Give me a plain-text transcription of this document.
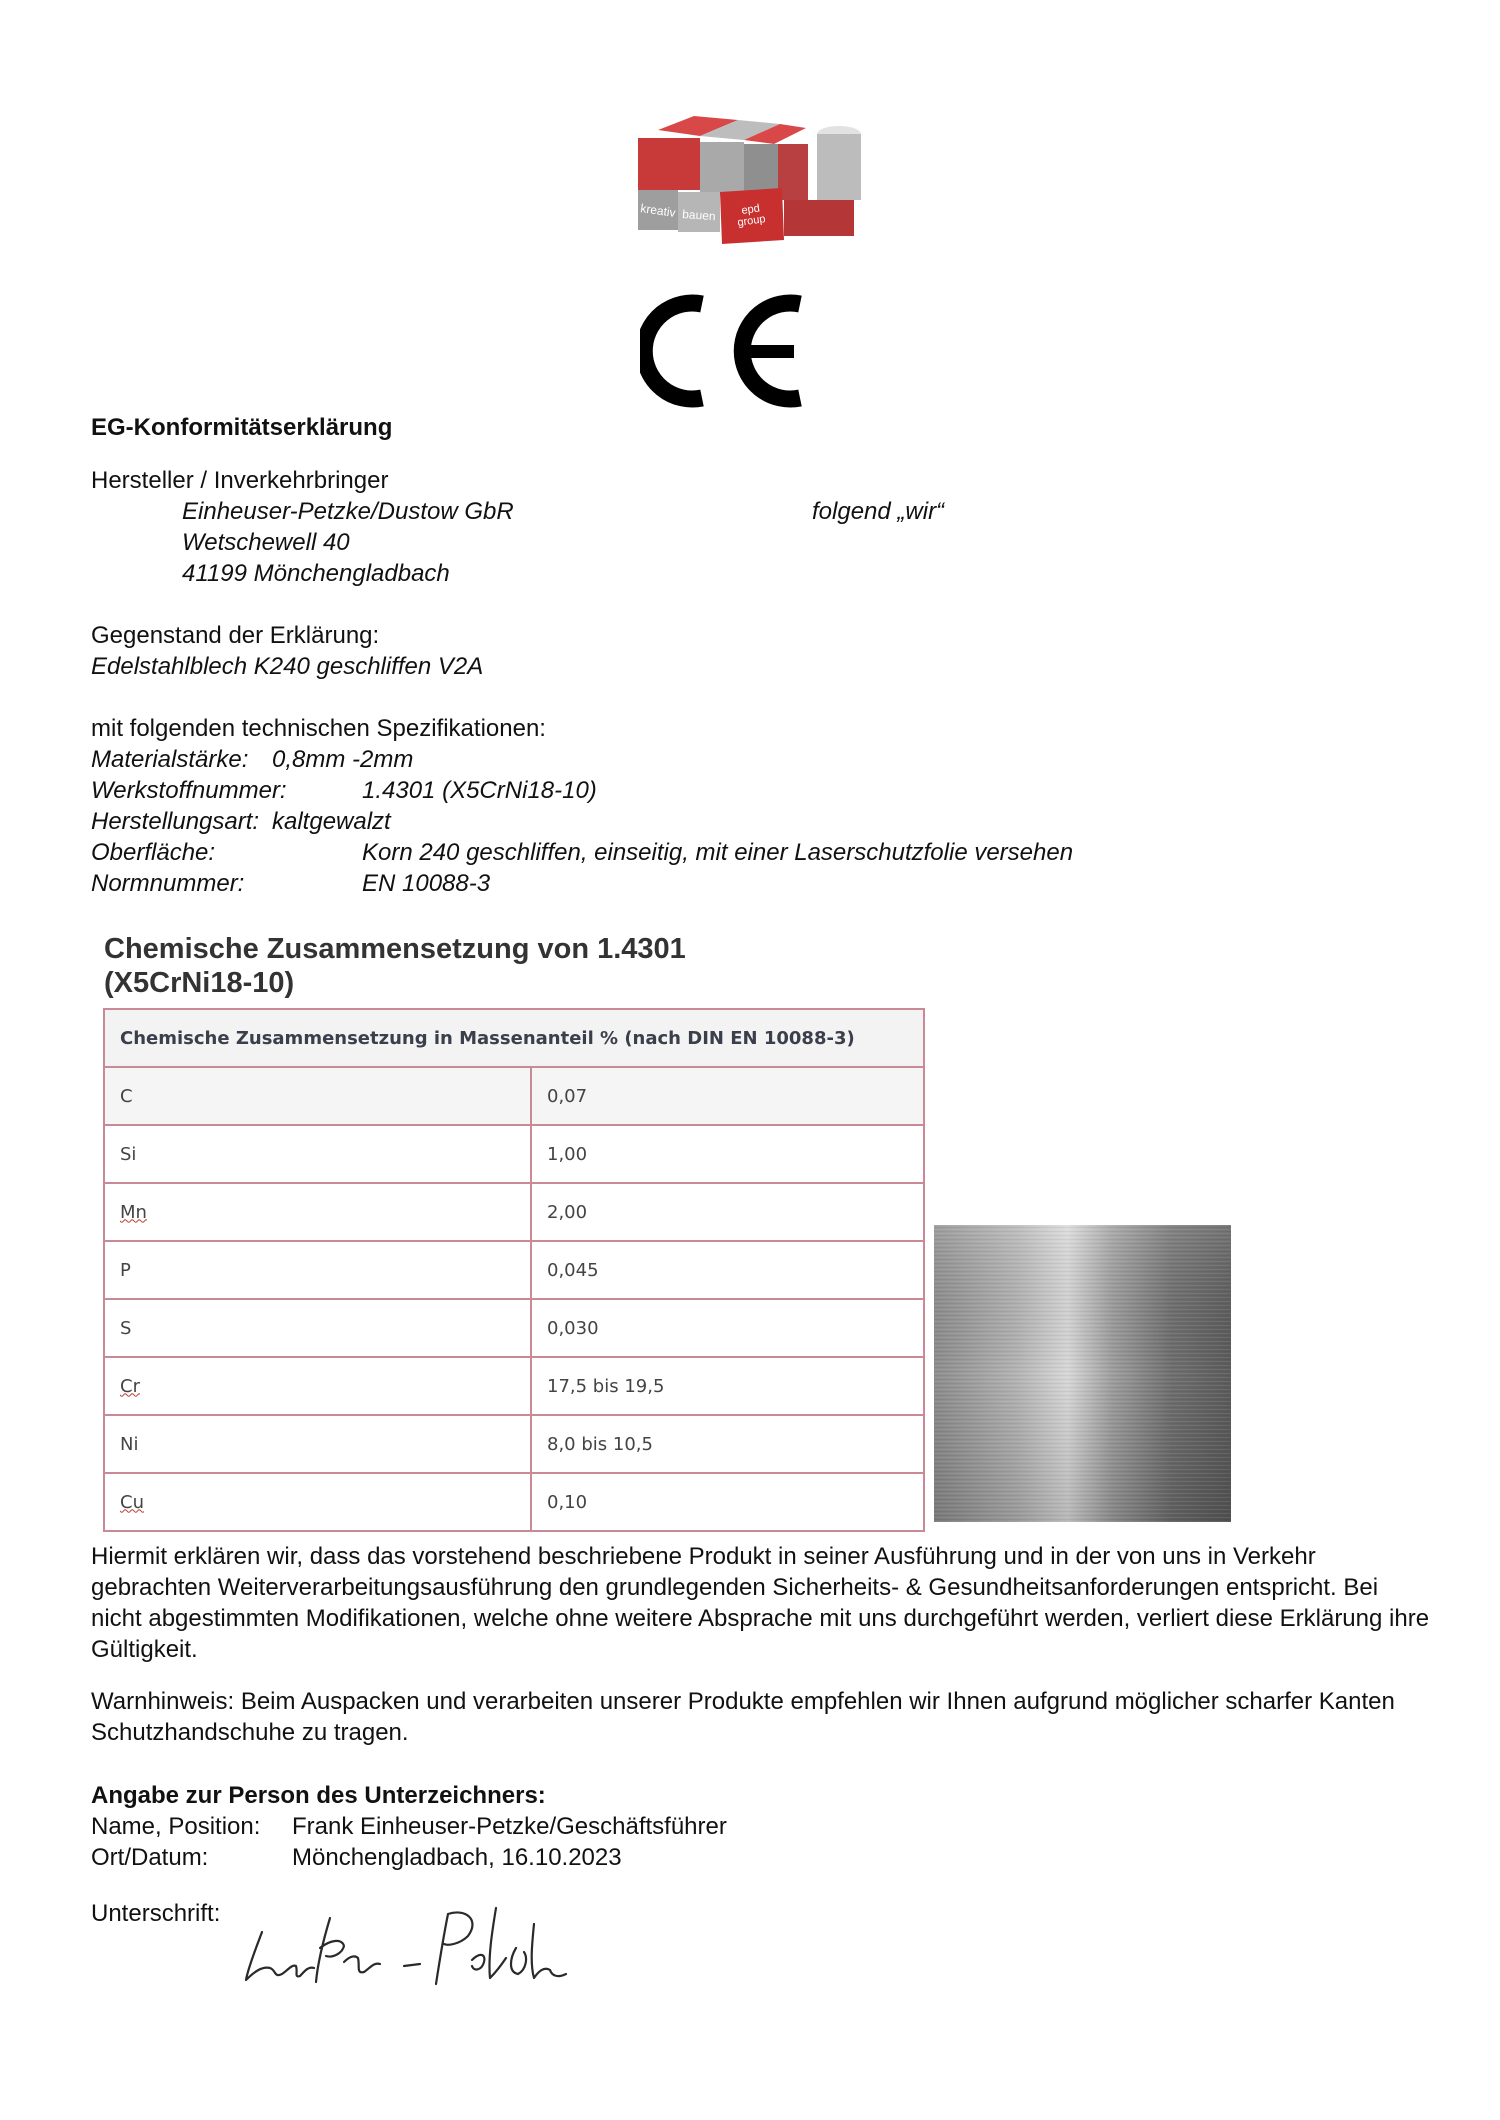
kreativ bauen epd
group
EG-Konformitätserklärung
Hersteller / Inverkehrbringer
Einheuser-Petzke/Dustow GbR	folgend „wir“
Wetschewell 40
41199 Mönchengladbach
Gegenstand der Erklärung:
Edelstahlblech K240 geschliffen V2A
mit folgenden technischen Spezifikationen:
Materialstärke: 0,8mm -2mm
Werkstoffnummer:	1.4301 (X5CrNi18-10)
Herstellungsart: kaltgewalzt
Oberfläche:	Korn 240 geschliffen, einseitig, mit einer Laserschutzfolie versehen
Normnummer:	EN 10088-3
Chemische Zusammensetzung von 1.4301
(X5CrNi18-10)
Chemische Zusammensetzung in Massenanteil % (nach DIN EN 10088-3)	
C	0,07
Si	1,00
Mn	2,00
P	0,045
S	0,030
Cr	17,5 bis 19,5
Ni	8,0 bis 10,5
Cu	0,10
Hiermit erklären wir, dass das vorstehend beschriebene Produkt in seiner Ausführung und in der von uns in Verkehr gebrachten Weiterverarbeitungsausführung den grundlegenden Sicherheits- & Gesundheitsanforderungen entspricht. Bei nicht abgestimmten Modifikationen, welche ohne weitere Absprache mit uns durchgeführt werden, verliert diese Erklärung ihre Gültigkeit.
Warnhinweis: Beim Auspacken und verarbeiten unserer Produkte empfehlen wir Ihnen aufgrund möglicher scharfer Kanten Schutzhandschuhe zu tragen.
Angabe zur Person des Unterzeichners:
Name, Position: Frank Einheuser-Petzke/Geschäftsführer
Ort/Datum:	Mönchengladbach, 16.10.2023
Unterschrift:
